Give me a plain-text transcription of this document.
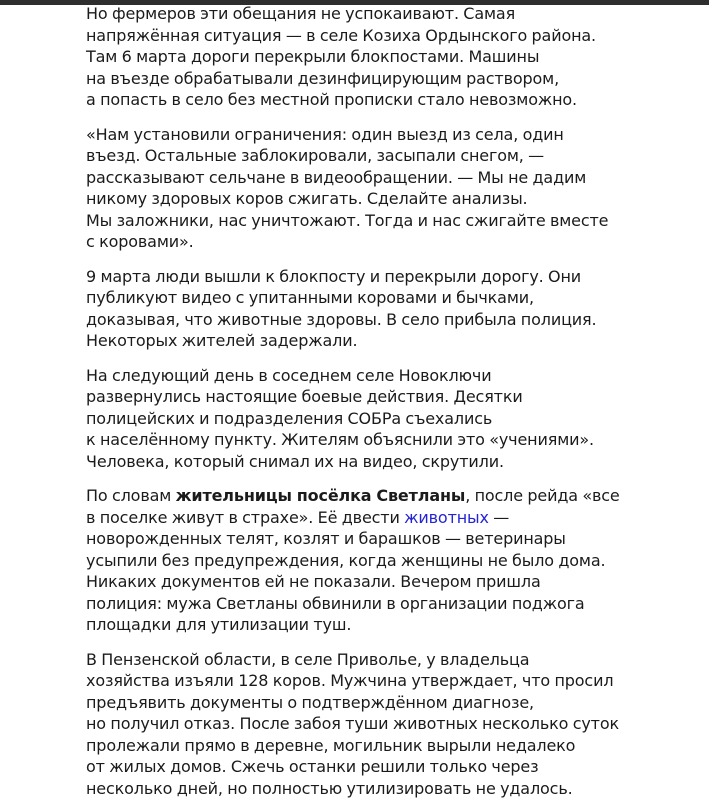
Но фермеров эти обещания не успокаивают. Самая
напряжённая ситуация — в селе Козиха Ордынского района.
Там 6 марта дороги перекрыли блокпостами. Машины
на въезде обрабатывали дезинфицирующим раствором,
а попасть в село без местной прописки стало невозможно.

«Нам установили ограничения: один выезд из села, один
въезд. Остальные заблокировали, засыпали снегом, —
рассказывают сельчане в видеообращении. — Мы не дадим
никому здоровых коров сжигать. Сделайте анализы.
Мы заложники, нас уничтожают. Тогда и нас сжигайте вместе
с коровами».

9 марта люди вышли к блокпосту и перекрыли дорогу. Они
публикуют видео с упитанными коровами и бычками,
доказывая, что животные здоровы. В село прибыла полиция.
Некоторых жителей задержали.

На следующий день в соседнем селе Новоключи
развернулись настоящие боевые действия. Десятки
полицейских и подразделения СОБРа съехались
к населённому пункту. Жителям объяснили это «учениями».
Человека, который снимал их на видео, скрутили.

По словам жительницы посёлка Светланы, после рейда «все
в поселке живут в страхе». Её двести животных —
новорожденных телят, козлят и барашков — ветеринары
усыпили без предупреждения, когда женщины не было дома.
Никаких документов ей не показали. Вечером пришла
полиция: мужа Светланы обвинили в организации поджога
площадки для утилизации туш.

В Пензенской области, в селе Приволье, у владельца
хозяйства изъяли 128 коров. Мужчина утверждает, что просил
предъявить документы о подтверждённом диагнозе,
но получил отказ. После забоя туши животных несколько суток
пролежали прямо в деревне, могильник вырыли недалеко
от жилых домов. Сжечь останки решили только через
несколько дней, но полностью утилизировать не удалось.
